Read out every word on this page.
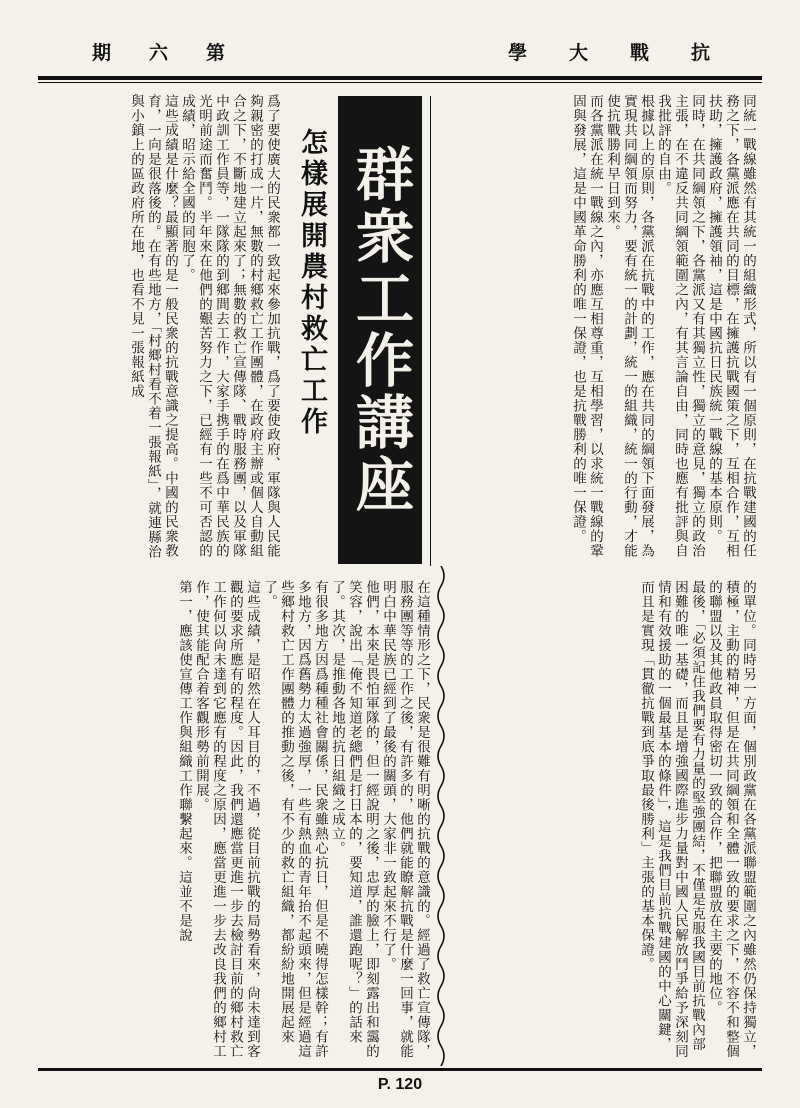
期六第	學大戰抗
同統一戰線雖然有其統一的組織形式，所以有一個原則，在抗戰建國的任務之下，各黨派應在共同的目標，在擁護抗戰國策之下，互相合作，互相扶助，擁護政府，擁護領袖，這是中國抗日民族統一戰線的基本原則。
同時，在共同綱領之下，各黨派又有其獨立性，獨立的意見，獨立的政治主張，在不違反共同綱領範圍之內，有其言論自由，同時也應有批評與自我批評的自由。
根據以上的原則，各黨派在抗戰中的工作，應在共同的綱領下面發展，為實現共同綱領而努力，要有統一的計劃，統一的組織，統一的行動，才能使抗戰勝利早日到來。
而各黨派在統一戰線之內，亦應互相尊重，互相學習，以求統一戰線的鞏固與發展，這是中國革命勝利的唯一保證，也是抗戰勝利的唯一保證。
群衆工作講座
怎樣展開農村救亡工作
爲了要使廣大的民衆都一致起來參加抗戰，爲了要使政府、軍隊與人民能夠親密的打成一片，無數的村鄉救亡工作團體，在政府主辦或個人自動組合之下，不斷地建立起來了；無數的救亡宣傳隊、戰時服務團，以及軍隊中政訓工作員等，一隊隊的到鄉間去工作，大家手携手的在爲中華民族的光明前途而奮鬥。半年來在他們的艱苦努力之下，已經有一些不可否認的成績，昭示給全國的同胞了。
這些成績是什麼？最顯著的是一般民衆的抗戰意識之提高。中國的民衆教育，一向是很落後的。在有些地方，「村鄉村看不着一張報紙」，就連縣治與小鎮上的區政府所在地，也看不見一張報紙成
的單位。同時另一方面，個別政黨在各黨派聯盟範圍之內雖然仍保持獨立，積極，主動的精神，但是在共同綱領和全體一致的要求之下，不容不和整個的聯盟以及其他政員取得密切一致的合作，把聯盟放在主要的地位。
最後，「必須記住我們要有力量的堅強團結，不僅是克服我國目前抗戰內部困難的唯一基礎，而且是增強國際進步力量對中國人民解放鬥爭給予深刻同情和有效援助的一個最基本的條件」，這是我們目前抗戰建國的中心關鍵，而且是實現「貫徹抗戰到底爭取最後勝利」主張的基本保證。
在這種情形之下，民衆是很難有明晰的抗戰的意識的。經過了救亡宣傳隊，服務團等等的工作之後，有許多的，他們就能瞭解抗戰是什麼一回事，就能明白中華民族已經到了最後的關頭，大家非一致起來不行了。
他們，本來是畏怕軍隊的，但一經說明之後，忠厚的臉上，即刻露出和靄的笑容，說出「俺不知道老總們是打日本的，要知道，誰還跑呢？」的話來了。其次，是推動各地的抗日組織之成立。
有很多地方因爲種種社會關係，民衆雖熱心抗日，但是不曉得怎樣幹；有許多地方，因爲舊勢力太過強厚，一些有熱血的青年抬不起頭來，但是經過這些鄉村救亡工作團體的推動之後，有不少的救亡組織，都紛紛地開展起來了。
這些成績，是昭然在人耳目的，不過，從目前抗戰的局勢看來，尙未達到客觀的要求所應有的程度。因此，我們還應當更進一步去檢討目前的鄉村救亡工作何以尙未達到它應有的程度之原因，應當更進一步去改良我們的鄉村工作，使其能配合着客觀形勢前開展。
第一，應該使宣傳工作與組織工作聯繫起來。這並不是說
P. 120
